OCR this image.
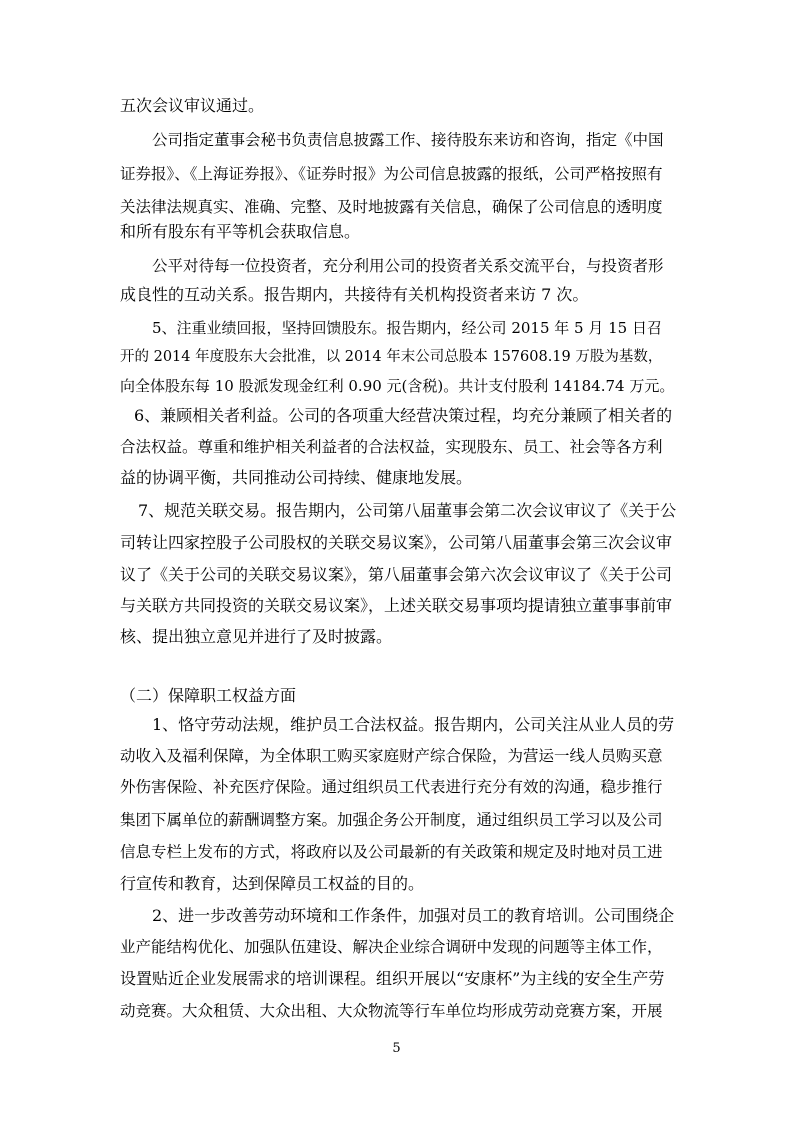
五次会议审议通过。
公司指定董事会秘书负责信息披露工作、接待股东来访和咨询，指定《中国
证券报》、《上海证券报》、《证券时报》为公司信息披露的报纸，公司严格按照有
关法律法规真实、准确、完整、及时地披露有关信息，确保了公司信息的透明度
和所有股东有平等机会获取信息。
公平对待每一位投资者，充分利用公司的投资者关系交流平台，与投资者形
成良性的互动关系。报告期内，共接待有关机构投资者来访 7 次。
5、注重业绩回报，坚持回馈股东。报告期内，经公司 2015 年 5 月 15 日召
开的 2014 年度股东大会批准，以 2014 年末公司总股本 157608.19 万股为基数，
向全体股东每 10 股派发现金红利 0.90 元(含税)。共计支付股利 14184.74 万元。
6、兼顾相关者利益。公司的各项重大经营决策过程，均充分兼顾了相关者的
合法权益。尊重和维护相关利益者的合法权益，实现股东、员工、社会等各方利
益的协调平衡，共同推动公司持续、健康地发展。
7、规范关联交易。报告期内，公司第八届董事会第二次会议审议了《关于公
司转让四家控股子公司股权的关联交易议案》，公司第八届董事会第三次会议审
议了《关于公司的关联交易议案》，第八届董事会第六次会议审议了《关于公司
与关联方共同投资的关联交易议案》，上述关联交易事项均提请独立董事事前审
核、提出独立意见并进行了及时披露。
（二）保障职工权益方面
1、恪守劳动法规，维护员工合法权益。报告期内，公司关注从业人员的劳
动收入及福利保障，为全体职工购买家庭财产综合保险，为营运一线人员购买意
外伤害保险、补充医疗保险。通过组织员工代表进行充分有效的沟通，稳步推行
集团下属单位的薪酬调整方案。加强企务公开制度，通过组织员工学习以及公司
信息专栏上发布的方式，将政府以及公司最新的有关政策和规定及时地对员工进
行宣传和教育，达到保障员工权益的目的。
2、进一步改善劳动环境和工作条件，加强对员工的教育培训。公司围绕企
业产能结构优化、加强队伍建设、解决企业综合调研中发现的问题等主体工作，
设置贴近企业发展需求的培训课程。组织开展以“安康杯”为主线的安全生产劳
动竞赛。大众租赁、大众出租、大众物流等行车单位均形成劳动竞赛方案，开展
5
